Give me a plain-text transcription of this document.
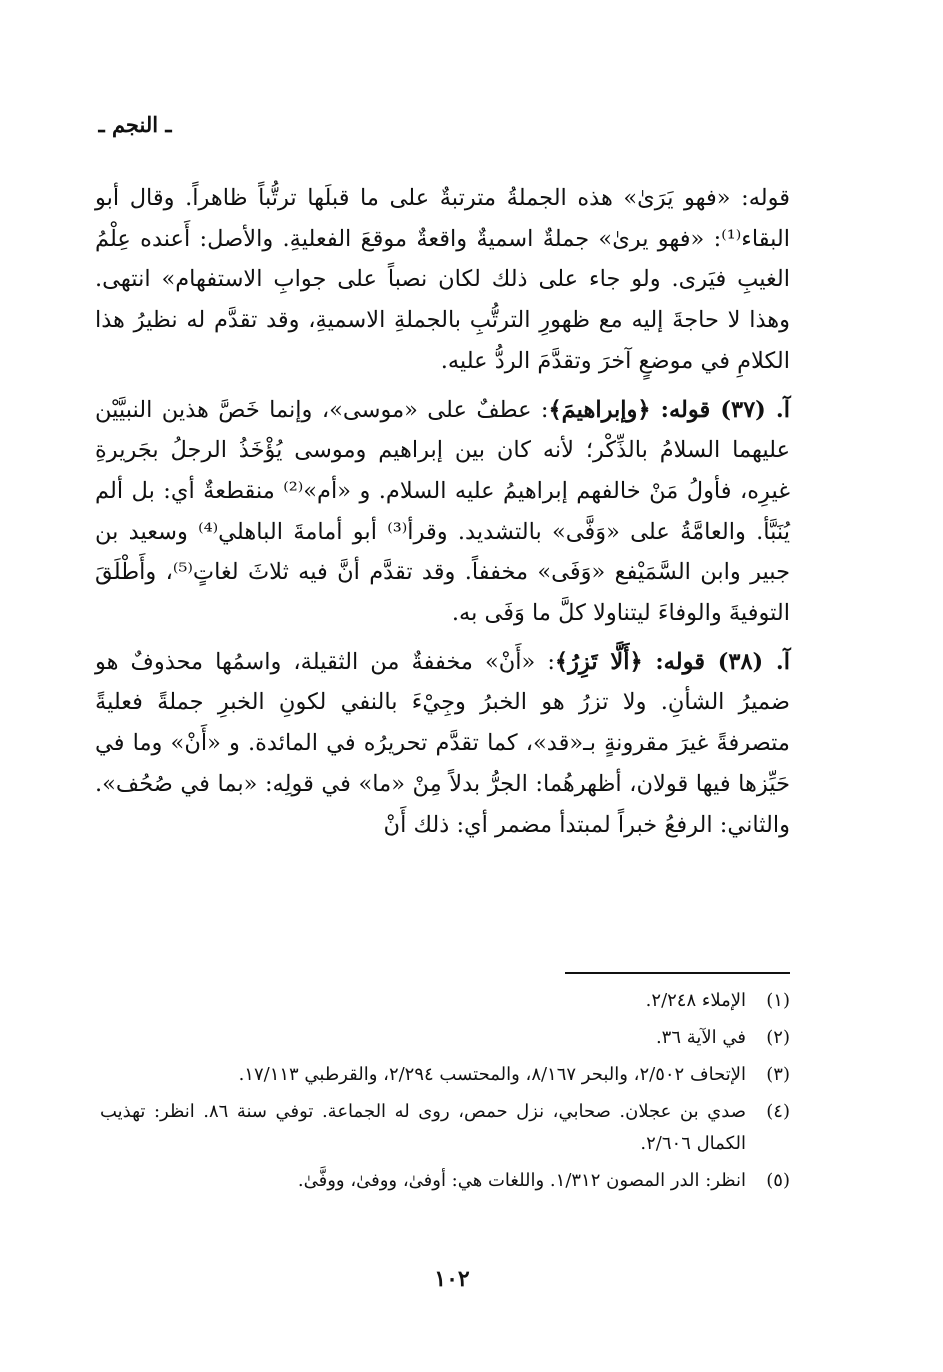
ـ النجم ـ

قوله: «فهو يَرَىٰ» هذه الجملةُ مترتبةٌ على ما قبلَها ترتُّباً ظاهراً. وقال أبو البقاء⁽¹⁾: «فهو يرىٰ» جملةٌ اسميةٌ واقعةٌ موقعَ الفعليةِ. والأصل: أَعنده عِلْمُ الغيبِ فيَرى. ولو جاء على ذلك لكان نصباً على جوابِ الاستفهام» انتهى. وهذا لا حاجةَ إليه مع ظهورِ الترتُّبِ بالجملةِ الاسميةِ، وقد تقدَّم له نظيرُ هذا الكلامِ في موضعٍ آخرَ وتقدَّمَ الردُّ عليه.

آ. (٣٧) قوله: ﴿وإبراهيمَ﴾: عطفٌ على «موسى»، وإنما خَصَّ هذين النبيَّيْن عليهما السلامُ بالذِّكْر؛ لأنه كان بين إبراهيم وموسى يُؤْخَذُ الرجلُ بجَريرةِ غيرِه، فأولُ مَنْ خالفهم إبراهيمُ عليه السلام. و «أم»⁽²⁾ منقطعةٌ أي: بل ألم يُنَبَّأ. والعامَّةُ على «وَفَّى» بالتشديد. وقرأ⁽³⁾ أبو أمامةَ الباهلي⁽⁴⁾ وسعيد بن جبير وابن السَّمَيْفع «وَفَى» مخففاً. وقد تقدَّم أنَّ فيه ثلاثَ لغاتٍ⁽⁵⁾، وأَطْلَقَ التوفيةَ والوفاءَ ليتناولا كلَّ ما وَفَى به.

آ. (٣٨) قوله: ﴿أَلَّا تَزِرُ﴾: «أَنْ» مخففةٌ من الثقيلة، واسمُها محذوفٌ هو ضميرُ الشأنِ. ولا تزرُ هو الخبرُ وجِيْءَ بالنفي لكونِ الخبرِ جملةً فعليةً متصرفةً غيرَ مقرونةٍ بـ«قد»، كما تقدَّم تحريرُه في المائدة. و «أَنْ» وما في حَيِّزها فيها قولان، أظهرهُما: الجرُّ بدلاً مِنْ «ما» في قولِه: «بما في صُحُف». والثاني: الرفعُ خبراً لمبتدأ مضمر أي: ذلك أَنْ

(١)
الإملاء ٢/٢٤٨.
(٢)
في الآية ٣٦.
(٣)
الإتحاف ٢/٥٠٢، والبحر ٨/١٦٧، والمحتسب ٢/٢٩٤، والقرطبي ١٧/١١٣.
(٤)
صدي بن عجلان. صحابي، نزل حمص، روى له الجماعة. توفي سنة ٨٦. انظر: تهذيب الكمال ٢/٦٠٦.
(٥)
انظر: الدر المصون ١/٣١٢. واللغات هي: أوفىٰ، ووفىٰ، ووفَّىٰ.
١٠٢
